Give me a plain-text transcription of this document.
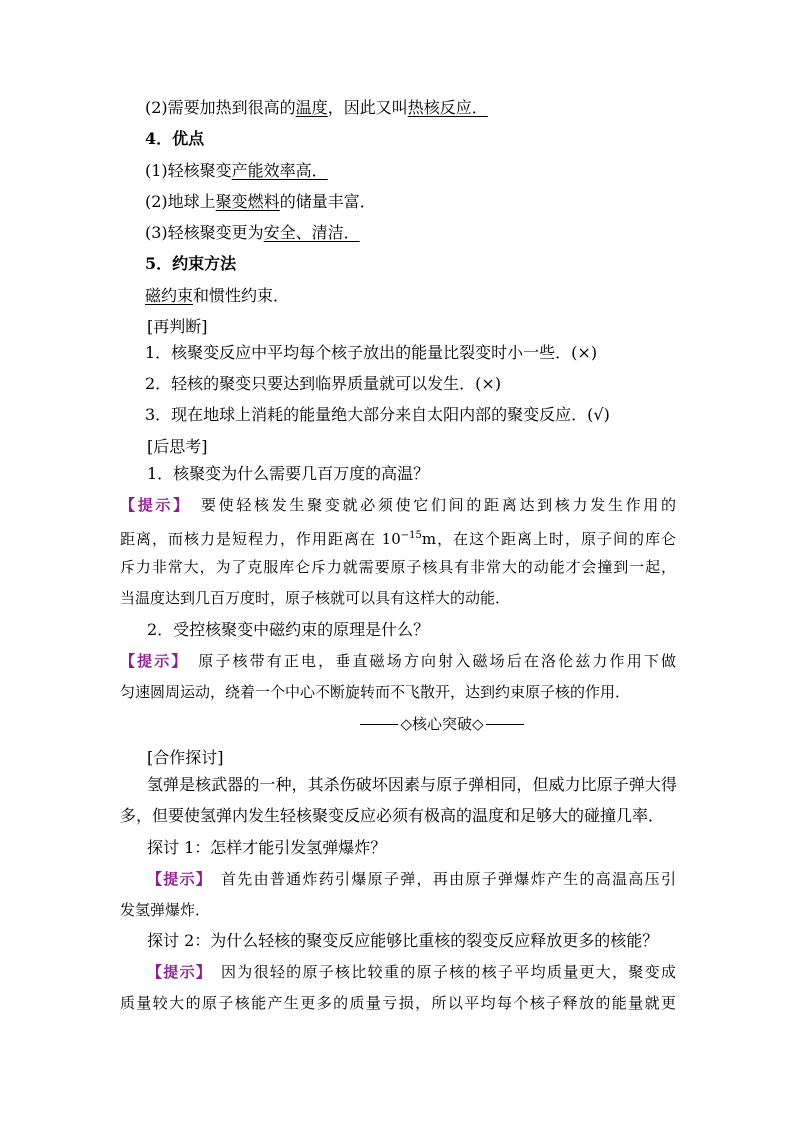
(2)需要加热到很高的温度，因此又叫热核反应．
4．优点
(1)轻核聚变产能效率高．
(2)地球上聚变燃料的储量丰富．
(3)轻核聚变更为安全、清洁．
5．约束方法
磁约束和惯性约束．
[再判断]
1．核聚变反应中平均每个核子放出的能量比裂变时小一些．(×)
2．轻核的聚变只要达到临界质量就可以发生．(×)
3．现在地球上消耗的能量绝大部分来自太阳内部的聚变反应．(√)
[后思考]
1．核聚变为什么需要几百万度的高温？
【提示】　要使轻核发生聚变就必须使它们间的距离达到核力发生作用的
距离，而核力是短程力，作用距离在 $10^{-15}m$，在这个距离上时，原子间的库仑
斥力非常大，为了克服库仑斥力就需要原子核具有非常大的动能才会撞到一起，
当温度达到几百万度时，原子核就可以具有这样大的动能．
2．受控核聚变中磁约束的原理是什么？
【提示】　原子核带有正电，垂直磁场方向射入磁场后在洛伦兹力作用下做
匀速圆周运动，绕着一个中心不断旋转而不飞散开，达到约束原子核的作用．
◇核心突破◇
[合作探讨]
氢弹是核武器的一种，其杀伤破坏因素与原子弹相同，但威力比原子弹大得
多，但要使氢弹内发生轻核聚变反应必须有极高的温度和足够大的碰撞几率．
探讨 1：怎样才能引发氢弹爆炸？
【提示】　首先由普通炸药引爆原子弹，再由原子弹爆炸产生的高温高压引
发氢弹爆炸．
探讨 2：为什么轻核的聚变反应能够比重核的裂变反应释放更多的核能？
【提示】　因为很轻的原子核比较重的原子核的核子平均质量更大，聚变成
质量较大的原子核能产生更多的质量亏损，所以平均每个核子释放的能量就更
